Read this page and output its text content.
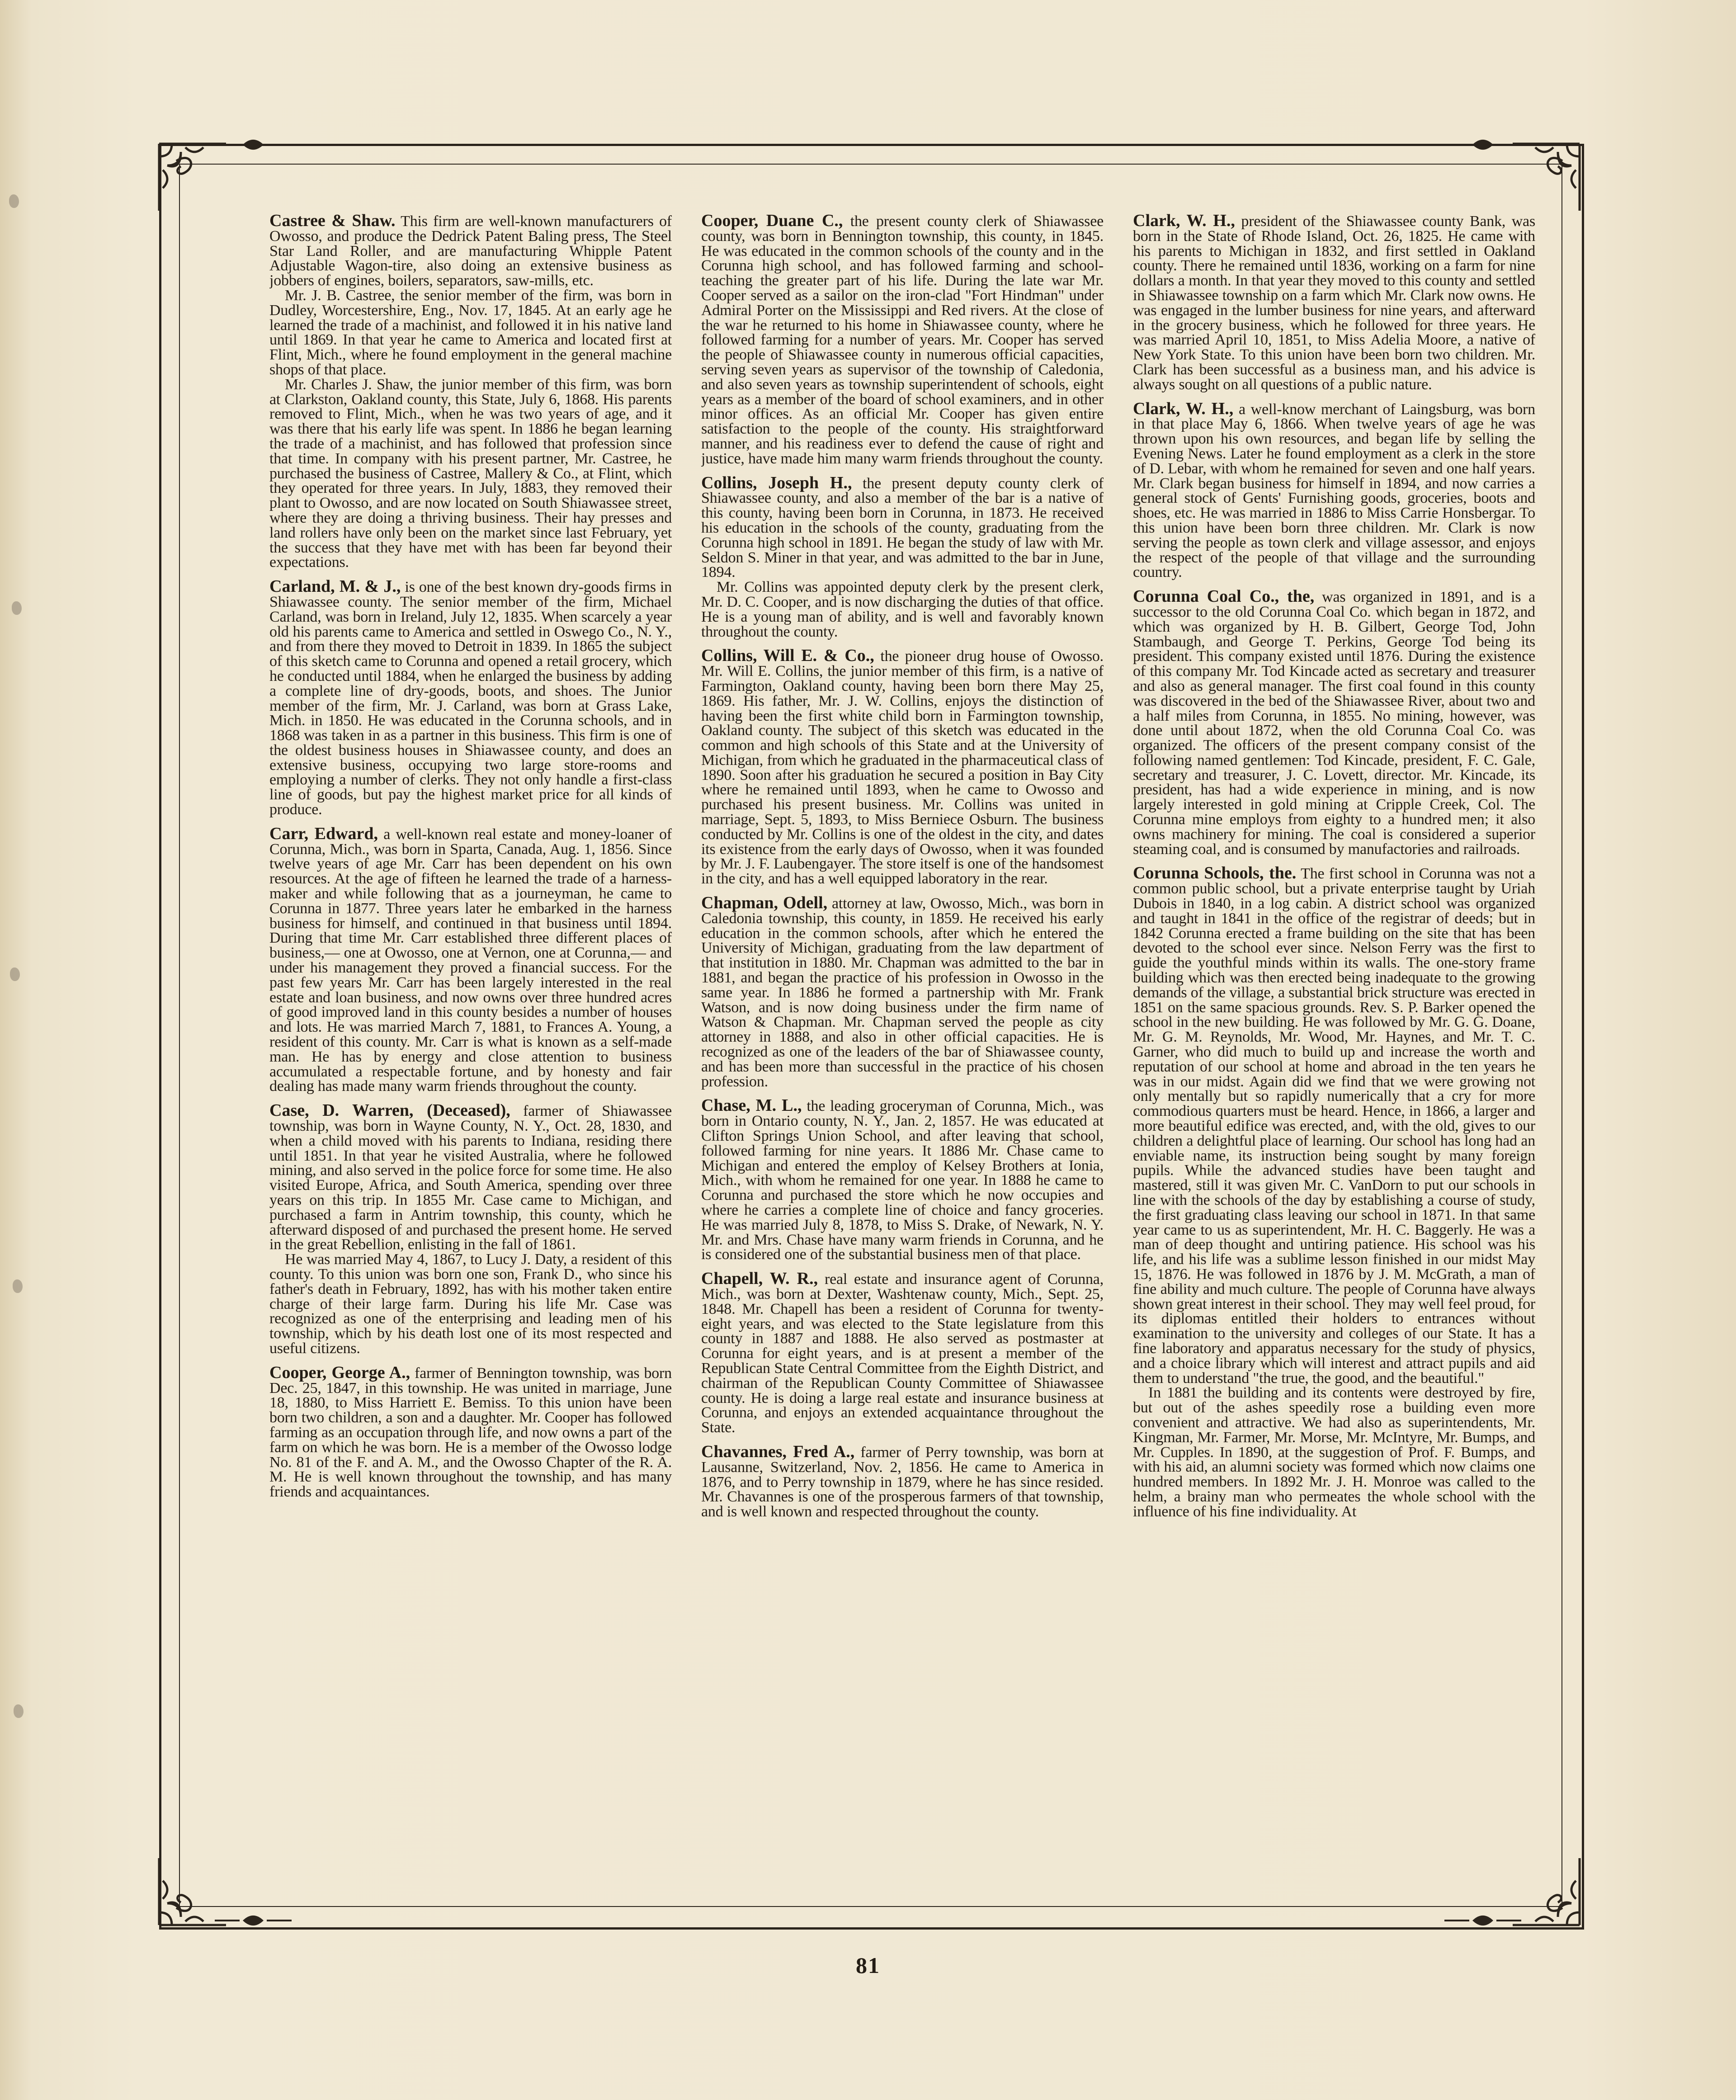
Castree & Shaw. This firm are well-known manufacturers of Owosso, and produce the Dedrick Patent Baling press, The Steel Star Land Roller, and are manufacturing Whipple Patent Adjustable Wagon-tire, also doing an extensive business as jobbers of engines, boilers, separators, saw-mills, etc.

Mr. J. B. Castree, the senior member of the firm, was born in Dudley, Worcestershire, Eng., Nov. 17, 1845. At an early age he learned the trade of a machinist, and followed it in his native land until 1869. In that year he came to America and located first at Flint, Mich., where he found employment in the general machine shops of that place.

Mr. Charles J. Shaw, the junior member of this firm, was born at Clarkston, Oakland county, this State, July 6, 1868. His parents removed to Flint, Mich., when he was two years of age, and it was there that his early life was spent. In 1886 he began learning the trade of a machinist, and has followed that profession since that time. In company with his present partner, Mr. Castree, he purchased the business of Castree, Mallery & Co., at Flint, which they operated for three years. In July, 1883, they removed their plant to Owosso, and are now located on South Shiawassee street, where they are doing a thriving business. Their hay presses and land rollers have only been on the market since last February, yet the success that they have met with has been far beyond their expectations.

Carland, M. & J., is one of the best known dry-goods firms in Shiawassee county. The senior member of the firm, Michael Carland, was born in Ireland, July 12, 1835. When scarcely a year old his parents came to America and settled in Oswego Co., N. Y., and from there they moved to Detroit in 1839. In 1865 the subject of this sketch came to Corunna and opened a retail grocery, which he conducted until 1884, when he enlarged the business by adding a complete line of dry-goods, boots, and shoes. The Junior member of the firm, Mr. J. Carland, was born at Grass Lake, Mich. in 1850. He was educated in the Corunna schools, and in 1868 was taken in as a partner in this business. This firm is one of the oldest business houses in Shiawassee county, and does an extensive business, occupying two large store-rooms and employing a number of clerks. They not only handle a first-class line of goods, but pay the highest market price for all kinds of produce.

Carr, Edward, a well-known real estate and money-loaner of Corunna, Mich., was born in Sparta, Canada, Aug. 1, 1856. Since twelve years of age Mr. Carr has been dependent on his own resources. At the age of fifteen he learned the trade of a harness-maker and while following that as a journeyman, he came to Corunna in 1877. Three years later he embarked in the harness business for himself, and continued in that business until 1894. During that time Mr. Carr established three different places of business,— one at Owosso, one at Vernon, one at Corunna,— and under his management they proved a financial success. For the past few years Mr. Carr has been largely interested in the real estate and loan business, and now owns over three hundred acres of good improved land in this county besides a number of houses and lots. He was married March 7, 1881, to Frances A. Young, a resident of this county. Mr. Carr is what is known as a self-made man. He has by energy and close attention to business accumulated a respectable fortune, and by honesty and fair dealing has made many warm friends throughout the county.

Case, D. Warren, (Deceased), farmer of Shiawassee township, was born in Wayne County, N. Y., Oct. 28, 1830, and when a child moved with his parents to Indiana, residing there until 1851. In that year he visited Australia, where he followed mining, and also served in the police force for some time. He also visited Europe, Africa, and South America, spending over three years on this trip. In 1855 Mr. Case came to Michigan, and purchased a farm in Antrim township, this county, which he afterward disposed of and purchased the present home. He served in the great Rebellion, enlisting in the fall of 1861.

He was married May 4, 1867, to Lucy J. Daty, a resident of this county. To this union was born one son, Frank D., who since his father's death in February, 1892, has with his mother taken entire charge of their large farm. During his life Mr. Case was recognized as one of the enterprising and leading men of his township, which by his death lost one of its most respected and useful citizens.

Cooper, George A., farmer of Bennington township, was born Dec. 25, 1847, in this township. He was united in marriage, June 18, 1880, to Miss Harriett E. Bemiss. To this union have been born two children, a son and a daughter. Mr. Cooper has followed farming as an occupation through life, and now owns a part of the farm on which he was born. He is a member of the Owosso lodge No. 81 of the F. and A. M., and the Owosso Chapter of the R. A. M. He is well known throughout the township, and has many friends and acquaintances.

Cooper, Duane C., the present county clerk of Shiawassee county, was born in Bennington township, this county, in 1845. He was educated in the common schools of the county and in the Corunna high school, and has followed farming and school-teaching the greater part of his life. During the late war Mr. Cooper served as a sailor on the iron-clad "Fort Hindman" under Admiral Porter on the Mississippi and Red rivers. At the close of the war he returned to his home in Shiawassee county, where he followed farming for a number of years. Mr. Cooper has served the people of Shiawassee county in numerous official capacities, serving seven years as supervisor of the township of Caledonia, and also seven years as township superintendent of schools, eight years as a member of the board of school examiners, and in other minor offices. As an official Mr. Cooper has given entire satisfaction to the people of the county. His straightforward manner, and his readiness ever to defend the cause of right and justice, have made him many warm friends throughout the county.

Collins, Joseph H., the present deputy county clerk of Shiawassee county, and also a member of the bar is a native of this county, having been born in Corunna, in 1873. He received his education in the schools of the county, graduating from the Corunna high school in 1891. He began the study of law with Mr. Seldon S. Miner in that year, and was admitted to the bar in June, 1894.

Mr. Collins was appointed deputy clerk by the present clerk, Mr. D. C. Cooper, and is now discharging the duties of that office. He is a young man of ability, and is well and favorably known throughout the county.

Collins, Will E. & Co., the pioneer drug house of Owosso. Mr. Will E. Collins, the junior member of this firm, is a native of Farmington, Oakland county, having been born there May 25, 1869. His father, Mr. J. W. Collins, enjoys the distinction of having been the first white child born in Farmington township, Oakland county. The subject of this sketch was educated in the common and high schools of this State and at the University of Michigan, from which he graduated in the pharmaceutical class of 1890. Soon after his graduation he secured a position in Bay City where he remained until 1893, when he came to Owosso and purchased his present business. Mr. Collins was united in marriage, Sept. 5, 1893, to Miss Berniece Osburn. The business conducted by Mr. Collins is one of the oldest in the city, and dates its existence from the early days of Owosso, when it was founded by Mr. J. F. Laubengayer. The store itself is one of the handsomest in the city, and has a well equipped laboratory in the rear.

Chapman, Odell, attorney at law, Owosso, Mich., was born in Caledonia township, this county, in 1859. He received his early education in the common schools, after which he entered the University of Michigan, graduating from the law department of that institution in 1880. Mr. Chapman was admitted to the bar in 1881, and began the practice of his profession in Owosso in the same year. In 1886 he formed a partnership with Mr. Frank Watson, and is now doing business under the firm name of Watson & Chapman. Mr. Chapman served the people as city attorney in 1888, and also in other official capacities. He is recognized as one of the leaders of the bar of Shiawassee county, and has been more than successful in the practice of his chosen profession.

Chase, M. L., the leading groceryman of Corunna, Mich., was born in Ontario county, N. Y., Jan. 2, 1857. He was educated at Clifton Springs Union School, and after leaving that school, followed farming for nine years. It 1886 Mr. Chase came to Michigan and entered the employ of Kelsey Brothers at Ionia, Mich., with whom he remained for one year. In 1888 he came to Corunna and purchased the store which he now occupies and where he carries a complete line of choice and fancy groceries. He was married July 8, 1878, to Miss S. Drake, of Newark, N. Y. Mr. and Mrs. Chase have many warm friends in Corunna, and he is considered one of the substantial business men of that place.

Chapell, W. R., real estate and insurance agent of Corunna, Mich., was born at Dexter, Washtenaw county, Mich., Sept. 25, 1848. Mr. Chapell has been a resident of Corunna for twenty-eight years, and was elected to the State legislature from this county in 1887 and 1888. He also served as postmaster at Corunna for eight years, and is at present a member of the Republican State Central Committee from the Eighth District, and chairman of the Republican County Committee of Shiawassee county. He is doing a large real estate and insurance business at Corunna, and enjoys an extended acquaintance throughout the State.

Chavannes, Fred A., farmer of Perry township, was born at Lausanne, Switzerland, Nov. 2, 1856. He came to America in 1876, and to Perry township in 1879, where he has since resided. Mr. Chavannes is one of the prosperous farmers of that township, and is well known and respected throughout the county.

Clark, W. H., president of the Shiawassee county Bank, was born in the State of Rhode Island, Oct. 26, 1825. He came with his parents to Michigan in 1832, and first settled in Oakland county. There he remained until 1836, working on a farm for nine dollars a month. In that year they moved to this county and settled in Shiawassee township on a farm which Mr. Clark now owns. He was engaged in the lumber business for nine years, and afterward in the grocery business, which he followed for three years. He was married April 10, 1851, to Miss Adelia Moore, a native of New York State. To this union have been born two children. Mr. Clark has been successful as a business man, and his advice is always sought on all questions of a public nature.

Clark, W. H., a well-know merchant of Laingsburg, was born in that place May 6, 1866. When twelve years of age he was thrown upon his own resources, and began life by selling the Evening News. Later he found employment as a clerk in the store of D. Lebar, with whom he remained for seven and one half years. Mr. Clark began business for himself in 1894, and now carries a general stock of Gents' Furnishing goods, groceries, boots and shoes, etc. He was married in 1886 to Miss Carrie Honsbergar. To this union have been born three children. Mr. Clark is now serving the people as town clerk and village assessor, and enjoys the respect of the people of that village and the surrounding country.

Corunna Coal Co., the, was organized in 1891, and is a successor to the old Corunna Coal Co. which began in 1872, and which was organized by H. B. Gilbert, George Tod, John Stambaugh, and George T. Perkins, George Tod being its president. This company existed until 1876. During the existence of this company Mr. Tod Kincade acted as secretary and treasurer and also as general manager. The first coal found in this county was discovered in the bed of the Shiawassee River, about two and a half miles from Corunna, in 1855. No mining, however, was done until about 1872, when the old Corunna Coal Co. was organized. The officers of the present company consist of the following named gentlemen: Tod Kincade, president, F. C. Gale, secretary and treasurer, J. C. Lovett, director. Mr. Kincade, its president, has had a wide experience in mining, and is now largely interested in gold mining at Cripple Creek, Col. The Corunna mine employs from eighty to a hundred men; it also owns machinery for mining. The coal is considered a superior steaming coal, and is consumed by manufactories and railroads.

Corunna Schools, the. The first school in Corunna was not a common public school, but a private enterprise taught by Uriah Dubois in 1840, in a log cabin. A district school was organized and taught in 1841 in the office of the registrar of deeds; but in 1842 Corunna erected a frame building on the site that has been devoted to the school ever since. Nelson Ferry was the first to guide the youthful minds within its walls. The one-story frame building which was then erected being inadequate to the growing demands of the village, a substantial brick structure was erected in 1851 on the same spacious grounds. Rev. S. P. Barker opened the school in the new building. He was followed by Mr. G. G. Doane, Mr. G. M. Reynolds, Mr. Wood, Mr. Haynes, and Mr. T. C. Garner, who did much to build up and increase the worth and reputation of our school at home and abroad in the ten years he was in our midst. Again did we find that we were growing not only mentally but so rapidly numerically that a cry for more commodious quarters must be heard. Hence, in 1866, a larger and more beautiful edifice was erected, and, with the old, gives to our children a delightful place of learning. Our school has long had an enviable name, its instruction being sought by many foreign pupils. While the advanced studies have been taught and mastered, still it was given Mr. C. VanDorn to put our schools in line with the schools of the day by establishing a course of study, the first graduating class leaving our school in 1871. In that same year came to us as superintendent, Mr. H. C. Baggerly. He was a man of deep thought and untiring patience. His school was his life, and his life was a sublime lesson finished in our midst May 15, 1876. He was followed in 1876 by J. M. McGrath, a man of fine ability and much culture. The people of Corunna have always shown great interest in their school. They may well feel proud, for its diplomas entitled their holders to entrances without examination to the university and colleges of our State. It has a fine laboratory and apparatus necessary for the study of physics, and a choice library which will interest and attract pupils and aid them to understand "the true, the good, and the beautiful."

In 1881 the building and its contents were destroyed by fire, but out of the ashes speedily rose a building even more convenient and attractive. We had also as superintendents, Mr. Kingman, Mr. Farmer, Mr. Morse, Mr. McIntyre, Mr. Bumps, and Mr. Cupples. In 1890, at the suggestion of Prof. F. Bumps, and with his aid, an alumni society was formed which now claims one hundred members. In 1892 Mr. J. H. Monroe was called to the helm, a brainy man who permeates the whole school with the influence of his fine individuality. At

81
